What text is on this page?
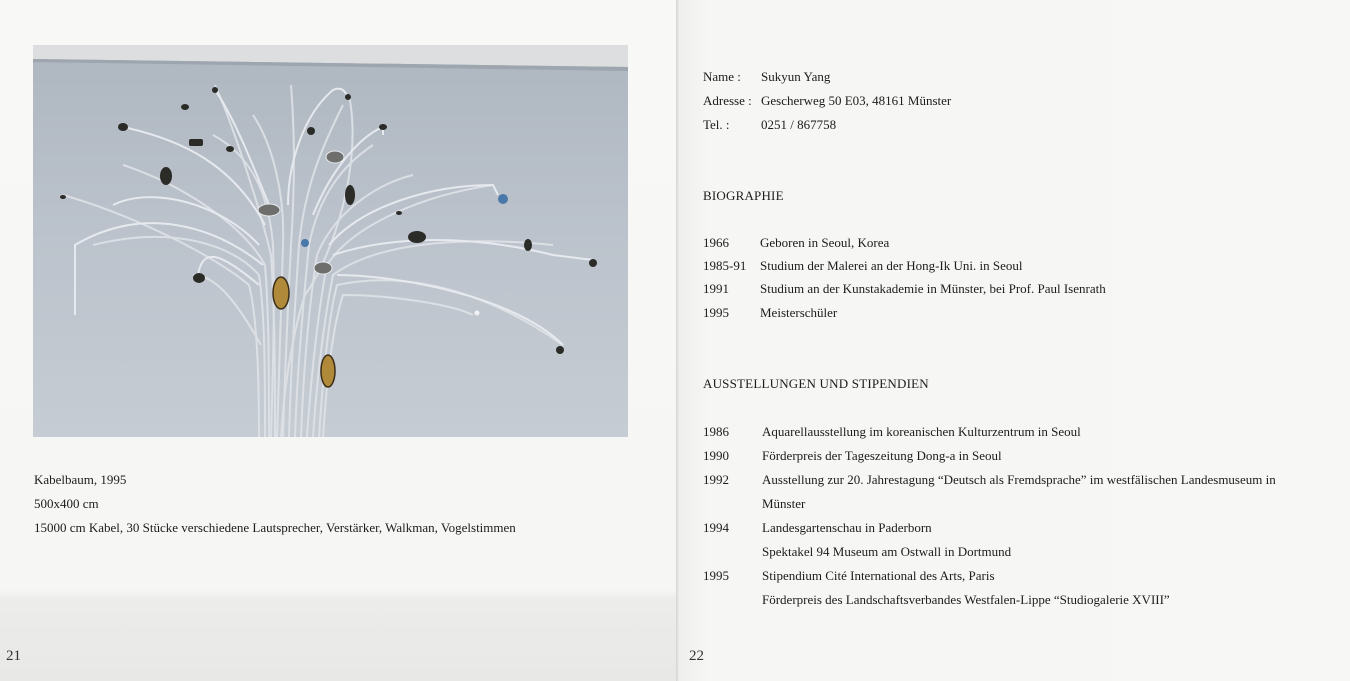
Kabelbaum, 1995
500x400 cm
15000 cm Kabel, 30 Stücke verschiedene Lautsprecher, Verstärker, Walkman, Vogelstimmen
21
Name : Sukyun Yang
Adresse : Gescherweg 50 E03, 48161 Münster
Tel. : 0251 / 867758
BIOGRAPHIE
1966 Geboren in Seoul, Korea
1985-91 Studium der Malerei an der Hong-Ik Uni. in Seoul
1991 Studium an der Kunstakademie in Münster, bei Prof. Paul Isenrath
1995 Meisterschüler
AUSSTELLUNGEN UND STIPENDIEN
1986	Aquarellausstellung im koreanischen Kulturzentrum in Seoul
1990	Förderpreis der Tageszeitung Dong-a in Seoul
1992	Ausstellung zur 20. Jahrestagung “Deutsch als Fremdsprache” im westfälischen Landesmuseum in
Münster
1994	Landesgartenschau in Paderborn
Spektakel 94 Museum am Ostwall in Dortmund
1995	Stipendium Cité International des Arts, Paris
Förderpreis des Landschaftsverbandes Westfalen-Lippe “Studiogalerie XVIII”
22
